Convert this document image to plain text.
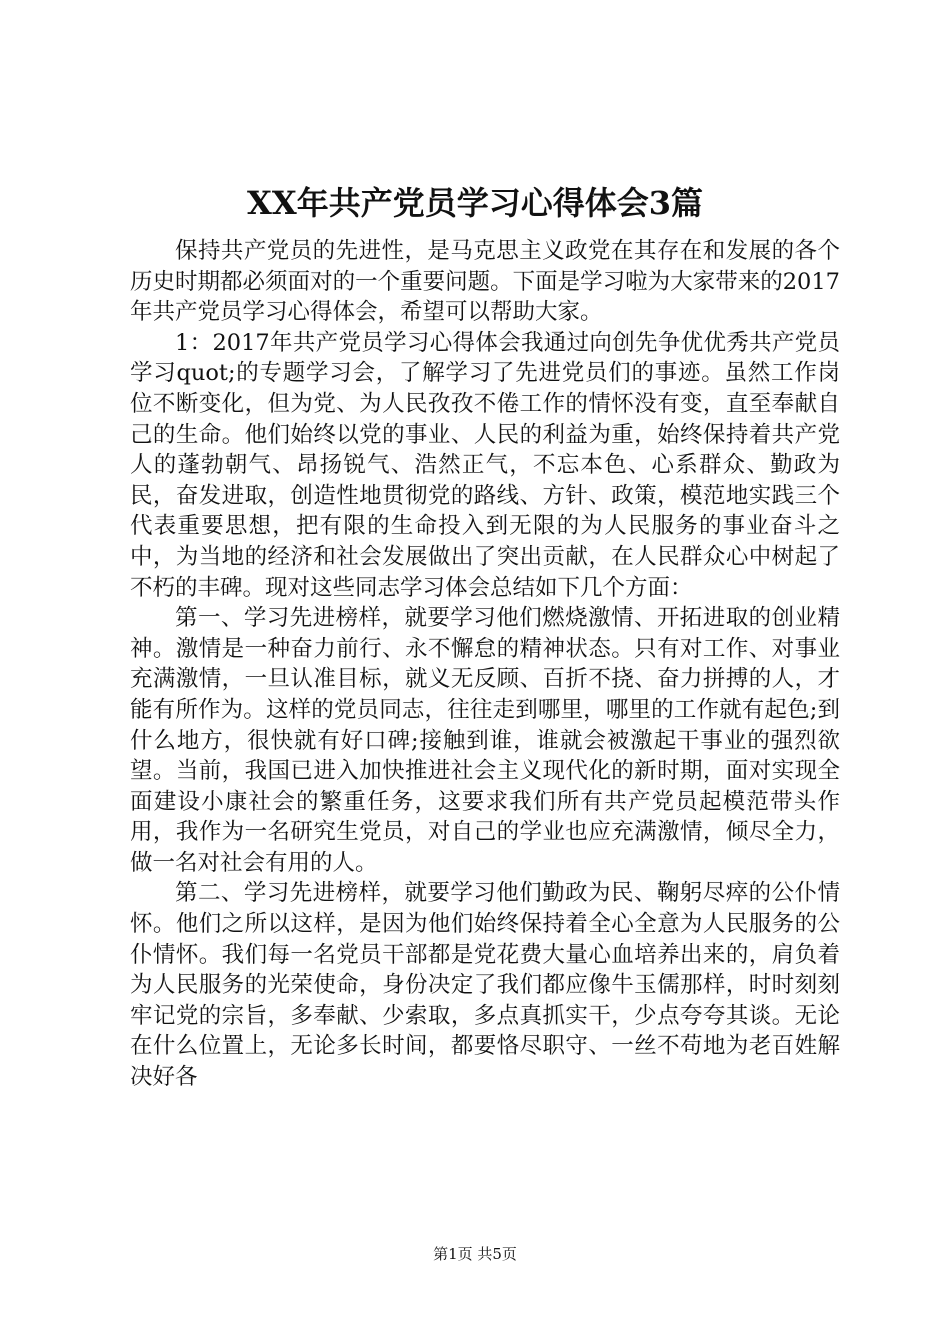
XX年共产党员学习心得体会3篇

保持共产党员的先进性，是马克思主义政党在其存在和发展的各个历史时期都必须面对的一个重要问题。下面是学习啦为大家带来的2017年共产党员学习心得体会，希望可以帮助大家。

1：2017年共产党员学习心得体会我通过向创先争优优秀共产党员学习quot;的专题学习会，了解学习了先进党员们的事迹。虽然工作岗位不断变化，但为党、为人民孜孜不倦工作的情怀没有变，直至奉献自己的生命。他们始终以党的事业、人民的利益为重，始终保持着共产党人的蓬勃朝气、昂扬锐气、浩然正气，不忘本色、心系群众、勤政为民，奋发进取，创造性地贯彻党的路线、方针、政策，模范地实践三个代表重要思想，把有限的生命投入到无限的为人民服务的事业奋斗之中，为当地的经济和社会发展做出了突出贡献，在人民群众心中树起了不朽的丰碑。现对这些同志学习体会总结如下几个方面：

第一、学习先进榜样，就要学习他们燃烧激情、开拓进取的创业精神。激情是一种奋力前行、永不懈怠的精神状态。只有对工作、对事业充满激情，一旦认准目标，就义无反顾、百折不挠、奋力拼搏的人，才能有所作为。这样的党员同志，往往走到哪里，哪里的工作就有起色;到什么地方，很快就有好口碑;接触到谁，谁就会被激起干事业的强烈欲望。当前，我国已进入加快推进社会主义现代化的新时期，面对实现全面建设小康社会的繁重任务，这要求我们所有共产党员起模范带头作用，我作为一名研究生党员，对自己的学业也应充满激情，倾尽全力，做一名对社会有用的人。

第二、学习先进榜样，就要学习他们勤政为民、鞠躬尽瘁的公仆情怀。他们之所以这样，是因为他们始终保持着全心全意为人民服务的公仆情怀。我们每一名党员干部都是党花费大量心血培养出来的，肩负着为人民服务的光荣使命，身份决定了我们都应像牛玉儒那样，时时刻刻牢记党的宗旨，多奉献、少索取，多点真抓实干，少点夸夸其谈。无论在什么位置上，无论多长时间，都要恪尽职守、一丝不苟地为老百姓解决好各

第1页 共5页
